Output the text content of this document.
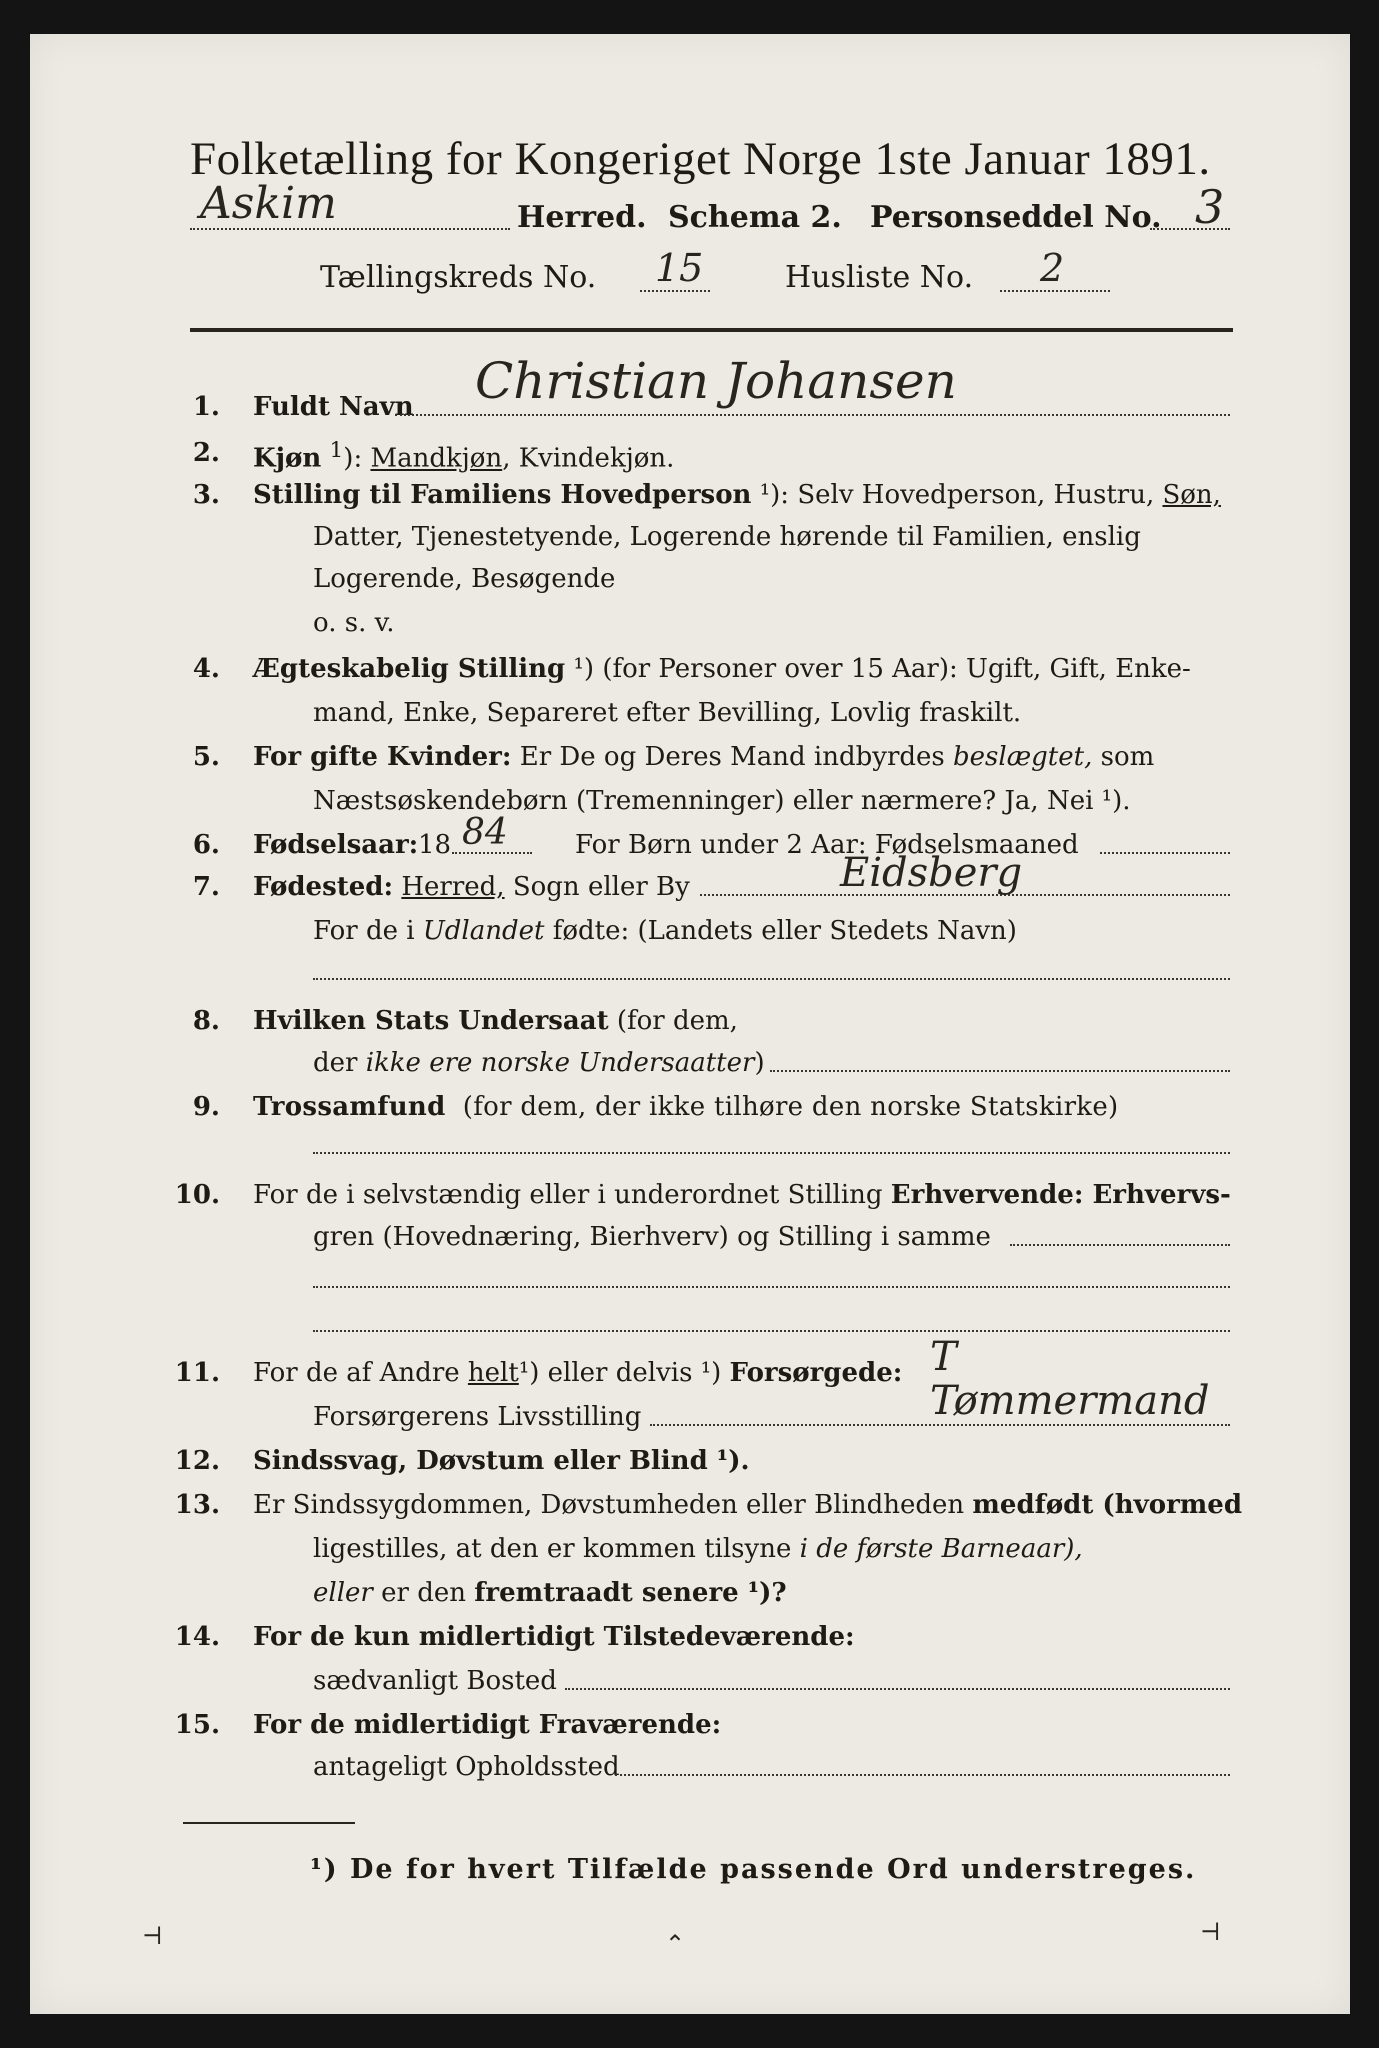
Folketælling for Kongeriget Norge 1ste Januar 1891.
Askim	Herred. Schema 2. Personseddel No. 3
Tællingskreds No. 15	Husliste No. 2
1. Fuldt Navn Christian Johansen
2. Kjøn $^1$): Mandkjøn, Kvindekjøn.
3. Stilling til Familiens Hovedperson ¹): Selv Hovedperson, Hustru, Søn,
Datter, Tjenestetyende, Logerende hørende til Familien, enslig
Logerende, Besøgende
o. s. v.
4. Ægteskabelig Stilling ¹) (for Personer over 15 Aar): Ugift, Gift, Enke-
mand, Enke, Separeret efter Bevilling, Lovlig fraskilt.
5. For gifte Kvinder: Er De og Deres Mand indbyrdes beslægtet, som
Næstsøskendebørn (Tremenninger) eller nærmere? Ja, Nei ¹).
6. Fødselsaar: 18 84	For Børn under 2 Aar: Fødselsmaaned
7. Fødested: Herred, Sogn eller By	Eidsberg
For de i Udlandet fødte: (Landets eller Stedets Navn)
8. Hvilken Stats Undersaat (for dem,
der ikke ere norske Undersaatter)
9. Trossamfund (for dem, der ikke tilhøre den norske Statskirke)
10. For de i selvstændig eller i underordnet Stilling Erhvervende: Erhvervs-
gren (Hovednæring, Bierhverv) og Stilling i samme
11. For de af Andre helt¹) eller delvis ¹) Forsørgede: T
Forsørgerens Livsstilling	Tømmermand
12. Sindssvag, Døvstum eller Blind ¹).
13. Er Sindssygdommen, Døvstumheden eller Blindheden medfødt (hvormed
ligestilles, at den er kommen tilsyne i de første Barneaar),
eller er den fremtraadt senere ¹)?
14. For de kun midlertidigt Tilstedeværende:
sædvanligt Bosted
15. For de midlertidigt Fraværende:
antageligt Opholdssted
¹) De for hvert Tilfælde passende Ord understreges.
⊣	⌃	⊣
